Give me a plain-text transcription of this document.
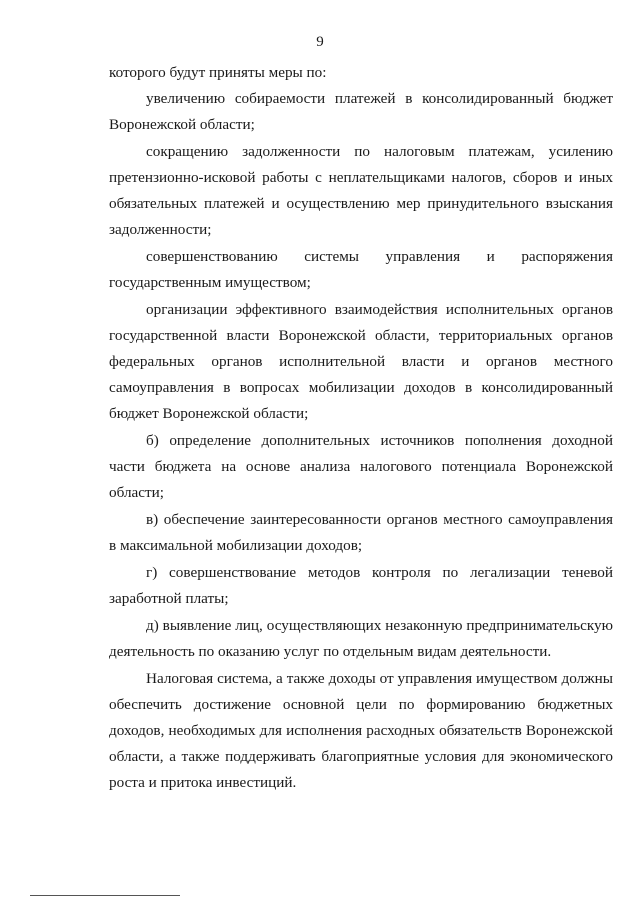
9

которого будут приняты меры по:

увеличению собираемости платежей в консолидированный бюджет Воронежской области;

сокращению задолженности по налоговым платежам, усилению претензионно-исковой работы с неплательщиками налогов, сборов и иных обязательных платежей и осуществлению мер принудительного взыскания задолженности;

совершенствованию системы управления и распоряжения государственным имуществом;

организации эффективного взаимодействия исполнительных органов государственной власти Воронежской области, территориальных органов федеральных органов исполнительной власти и органов местного самоуправления в вопросах мобилизации доходов в консолидированный бюджет Воронежской области;

б) определение дополнительных источников пополнения доходной части бюджета на основе анализа налогового потенциала Воронежской области;

в) обеспечение заинтересованности органов местного самоуправления в максимальной мобилизации доходов;

г) совершенствование методов контроля по легализации теневой заработной платы;

д) выявление лиц, осуществляющих незаконную предпринимательскую деятельность по оказанию услуг по отдельным видам деятельности.

Налоговая система, а также доходы от управления имуществом должны обеспечить достижение основной цели по формированию бюджетных доходов, необходимых для исполнения расходных обязательств Воронежской области, а также поддерживать благоприятные условия для экономического роста и притока инвестиций.
